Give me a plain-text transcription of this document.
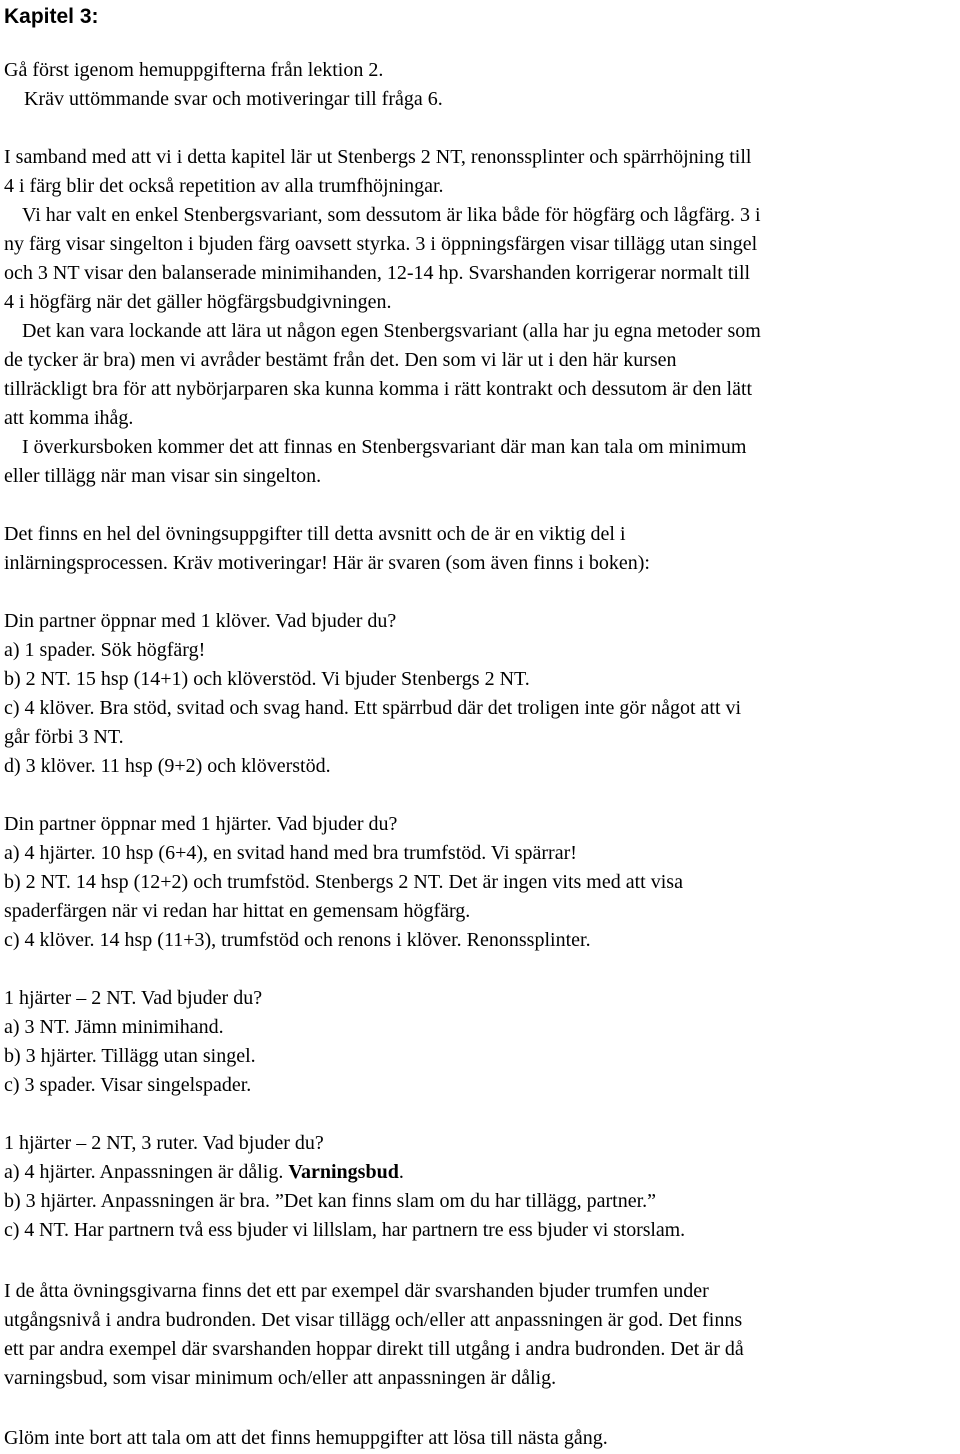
Kapitel 3:
Gå först igenom hemuppgifterna från lektion 2.
Kräv uttömmande svar och motiveringar till fråga 6.
I samband med att vi i detta kapitel lär ut Stenbergs 2 NT, renonssplinter och spärrhöjning till
4 i färg blir det också repetition av alla trumfhöjningar.
Vi har valt en enkel Stenbergsvariant, som dessutom är lika både för högfärg och lågfärg. 3 i
ny färg visar singelton i bjuden färg oavsett styrka. 3 i öppningsfärgen visar tillägg utan singel
och 3 NT visar den balanserade minimihanden, 12-14 hp. Svarshanden korrigerar normalt till
4 i högfärg när det gäller högfärgsbudgivningen.
Det kan vara lockande att lära ut någon egen Stenbergsvariant (alla har ju egna metoder som
de tycker är bra) men vi avråder bestämt från det. Den som vi lär ut i den här kursen
tillräckligt bra för att nybörjarparen ska kunna komma i rätt kontrakt och dessutom är den lätt
att komma ihåg.
I överkursboken kommer det att finnas en Stenbergsvariant där man kan tala om minimum
eller tillägg när man visar sin singelton.
Det finns en hel del övningsuppgifter till detta avsnitt och de är en viktig del i
inlärningsprocessen. Kräv motiveringar! Här är svaren (som även finns i boken):
Din partner öppnar med 1 klöver. Vad bjuder du?
a) 1 spader. Sök högfärg!
b) 2 NT. 15 hsp (14+1) och klöverstöd. Vi bjuder Stenbergs 2 NT.
c) 4 klöver. Bra stöd, svitad och svag hand. Ett spärrbud där det troligen inte gör något att vi
går förbi 3 NT.
d) 3 klöver. 11 hsp (9+2) och klöverstöd.
Din partner öppnar med 1 hjärter. Vad bjuder du?
a) 4 hjärter. 10 hsp (6+4), en svitad hand med bra trumfstöd. Vi spärrar!
b) 2 NT. 14 hsp (12+2) och trumfstöd. Stenbergs 2 NT. Det är ingen vits med att visa
spaderfärgen när vi redan har hittat en gemensam högfärg.
c) 4 klöver. 14 hsp (11+3), trumfstöd och renons i klöver. Renonssplinter.
1 hjärter – 2 NT. Vad bjuder du?
a) 3 NT. Jämn minimihand.
b) 3 hjärter. Tillägg utan singel.
c) 3 spader. Visar singelspader.
1 hjärter – 2 NT, 3 ruter. Vad bjuder du?
a) 4 hjärter. Anpassningen är dålig. Varningsbud.
b) 3 hjärter. Anpassningen är bra. ”Det kan finns slam om du har tillägg, partner.”
c) 4 NT. Har partnern två ess bjuder vi lillslam, har partnern tre ess bjuder vi storslam.
I de åtta övningsgivarna finns det ett par exempel där svarshanden bjuder trumfen under
utgångsnivå i andra budronden. Det visar tillägg och/eller att anpassningen är god. Det finns
ett par andra exempel där svarshanden hoppar direkt till utgång i andra budronden. Det är då
varningsbud, som visar minimum och/eller att anpassningen är dålig.
Glöm inte bort att tala om att det finns hemuppgifter att lösa till nästa gång.
